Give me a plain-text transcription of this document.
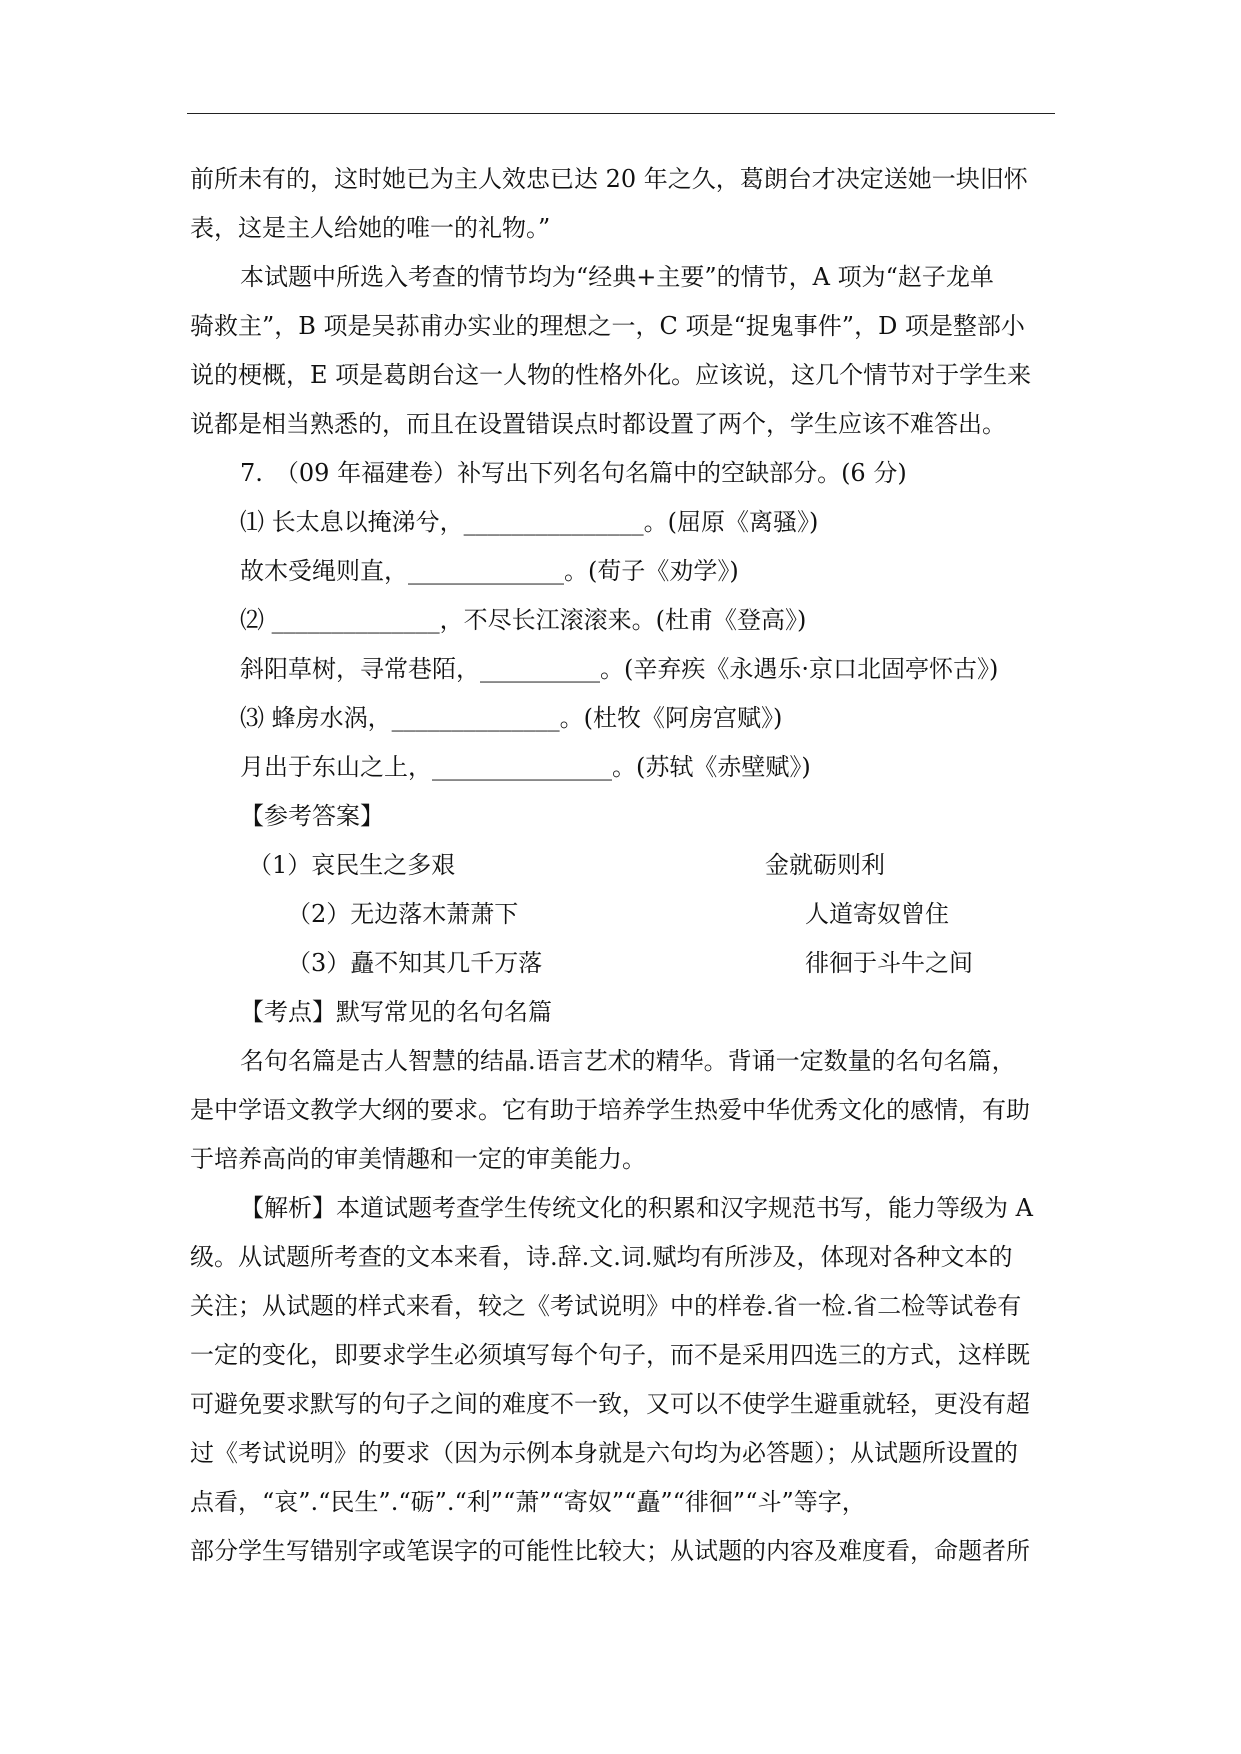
前所未有的，这时她已为主人效忠已达 20 年之久，葛朗台才决定送她一块旧怀
表，这是主人给她的唯一的礼物。”
本试题中所选入考查的情节均为“经典+主要”的情节，A 项为“赵子龙单
骑救主”，B 项是吴荪甫办实业的理想之一，C 项是“捉鬼事件”，D 项是整部小
说的梗概，E 项是葛朗台这一人物的性格外化。应该说，这几个情节对于学生来
说都是相当熟悉的，而且在设置错误点时都设置了两个，学生应该不难答出。
7.　（09 年福建卷）补写出下列名句名篇中的空缺部分。(6 分)
⑴ 长太息以掩涕兮，_______________。(屈原《离骚》)
故木受绳则直，_____________。(荀子《劝学》)
⑵ ______________，不尽长江滚滚来。(杜甫《登高》)
斜阳草树，寻常巷陌，__________。(辛弃疾《永遇乐·京口北固亭怀古》)
⑶ 蜂房水涡，______________。(杜牧《阿房宫赋》)
月出于东山之上，_______________。(苏轼《赤壁赋》)
【参考答案】
（1）哀民生之多艰	金就砺则利
（2）无边落木萧萧下	人道寄奴曾住
（3）矗不知其几千万落	徘徊于斗牛之间
【考点】默写常见的名句名篇
名句名篇是古人智慧的结晶.语言艺术的精华。背诵一定数量的名句名篇，
是中学语文教学大纲的要求。它有助于培养学生热爱中华优秀文化的感情，有助
于培养高尚的审美情趣和一定的审美能力。
【解析】本道试题考查学生传统文化的积累和汉字规范书写，能力等级为 A
级。从试题所考查的文本来看，诗.辞.文.词.赋均有所涉及，体现对各种文本的
关注；从试题的样式来看，较之《考试说明》中的样卷.省一检.省二检等试卷有
一定的变化，即要求学生必须填写每个句子，而不是采用四选三的方式，这样既
可避免要求默写的句子之间的难度不一致，又可以不使学生避重就轻，更没有超
过《考试说明》的要求（因为示例本身就是六句均为必答题）；从试题所设置的
点看，“哀”.“民生”.“砺”.“利”“萧”“寄奴”“矗”“徘徊”“斗”等字，
部分学生写错别字或笔误字的可能性比较大；从试题的内容及难度看，命题者所
